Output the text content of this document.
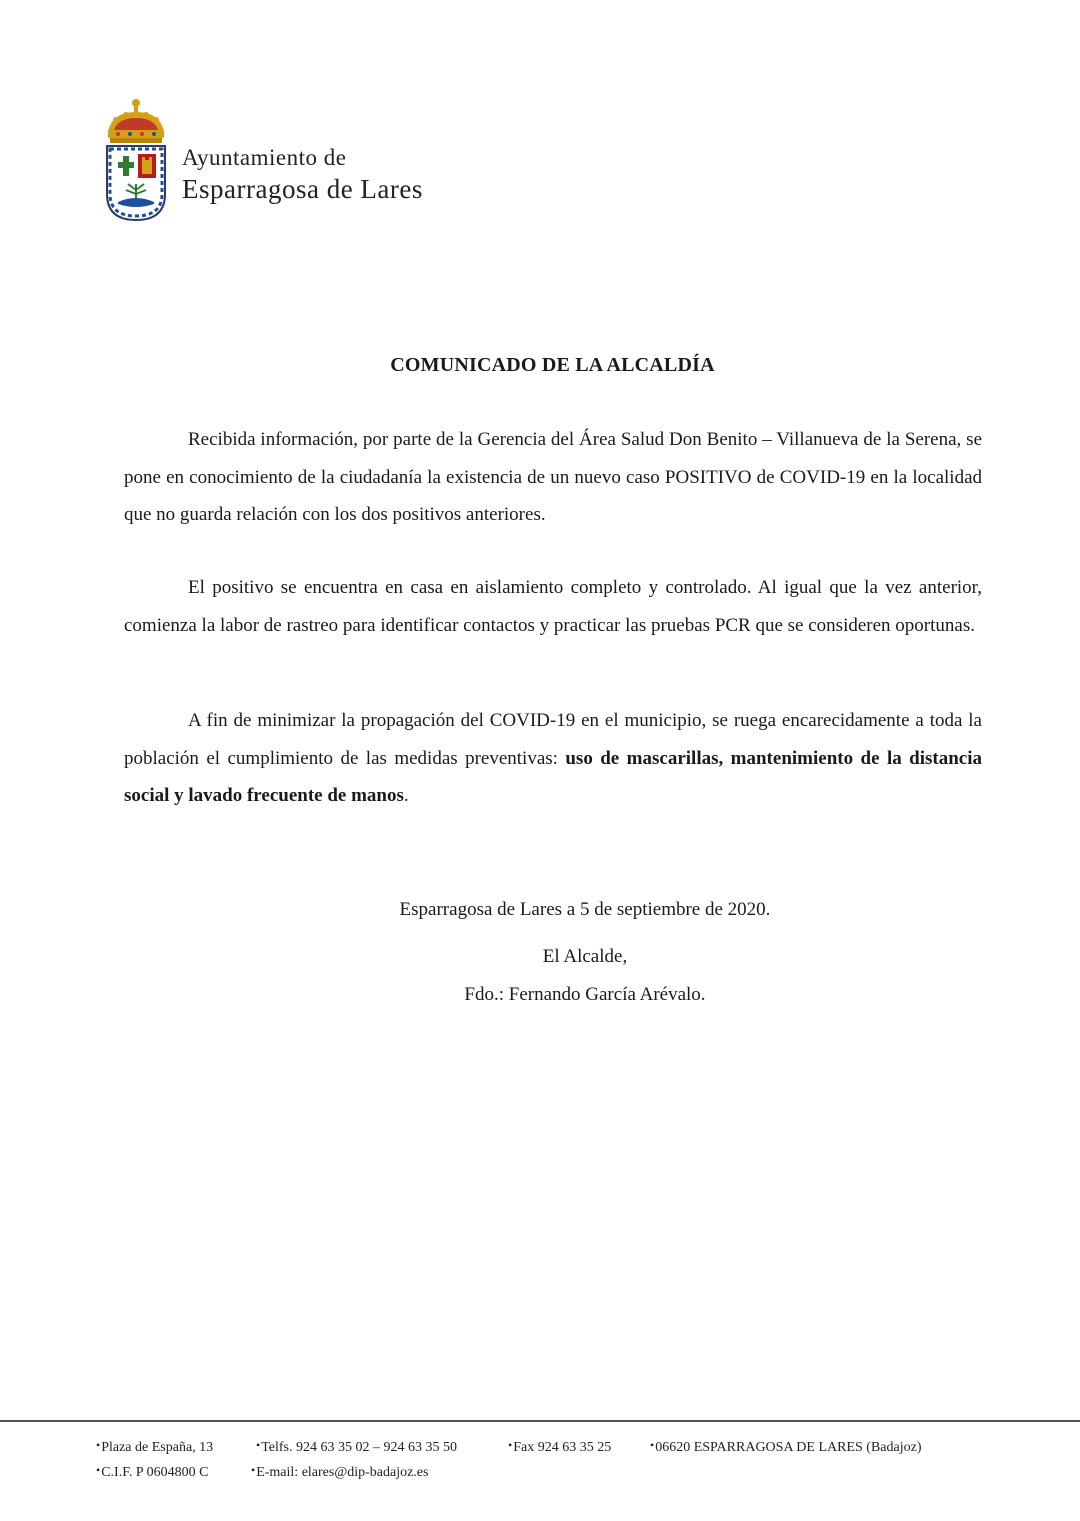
Ayuntamiento de
Esparragosa de Lares
COMUNICADO DE LA ALCALDÍA

Recibida información, por parte de la Gerencia del Área Salud Don Benito – Villanueva de la Serena, se pone en conocimiento de la ciudadanía la existencia de un nuevo caso POSITIVO de COVID-19 en la localidad que no guarda relación con los dos positivos anteriores.

El positivo se encuentra en casa en aislamiento completo y controlado. Al igual que la vez anterior, comienza la labor de rastreo para identificar contactos y practicar las pruebas PCR que se consideren oportunas.

A fin de minimizar la propagación del COVID-19 en el municipio, se ruega encarecidamente a toda la población el cumplimiento de las medidas preventivas: uso de mascarillas, mantenimiento de la distancia social y lavado frecuente de manos.

Esparragosa de Lares a 5 de septiembre de 2020.
El Alcalde,
Fdo.: Fernando García Arévalo.
• Plaza de España, 13	• Telfs. 924 63 35 02 – 924 63 35 50	• Fax 924 63 35 25	• 06620 ESPARRAGOSA DE LARES (Badajoz)
• C.I.F. P 0604800 C	• E-mail: elares@dip-badajoz.es
